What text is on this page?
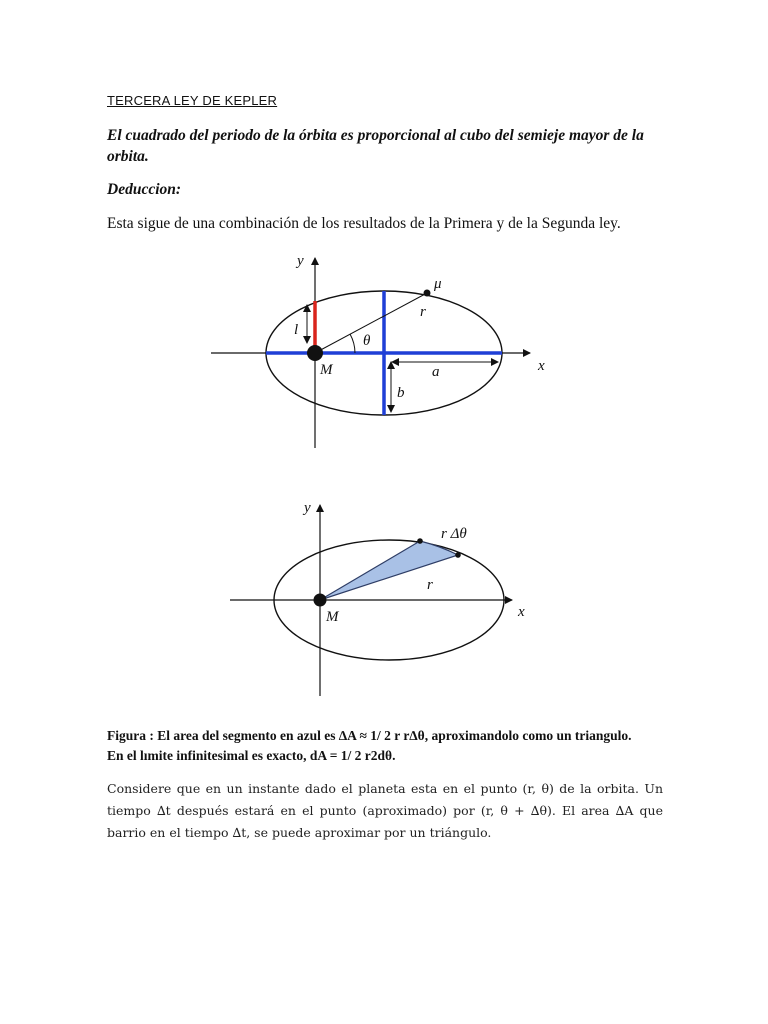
TERCERA LEY DE KEPLER
El cuadrado del periodo de la órbita es proporcional al cubo del semieje mayor de la orbita.
Deduccion:
Esta sigue de una combinación de los resultados de la Primera y de la Segunda ley.
y
x
μ
r
l
θ
M	a
b
y
x
r Δθ
r
M
Figura : El area del segmento en azul es ∆A ≈ 1/ 2 r r∆θ, aproximandolo como un triangulo.
En el lımite infinitesimal es exacto, dA = 1/ 2 r2dθ.
Considere que en un instante dado el planeta esta en el punto (r, θ) de la orbita. Un tiempo ∆t después estará en el punto (aproximado) por (r, θ + ∆θ). El area ∆A que barrio en el tiempo ∆t, se puede aproximar por un triángulo.
